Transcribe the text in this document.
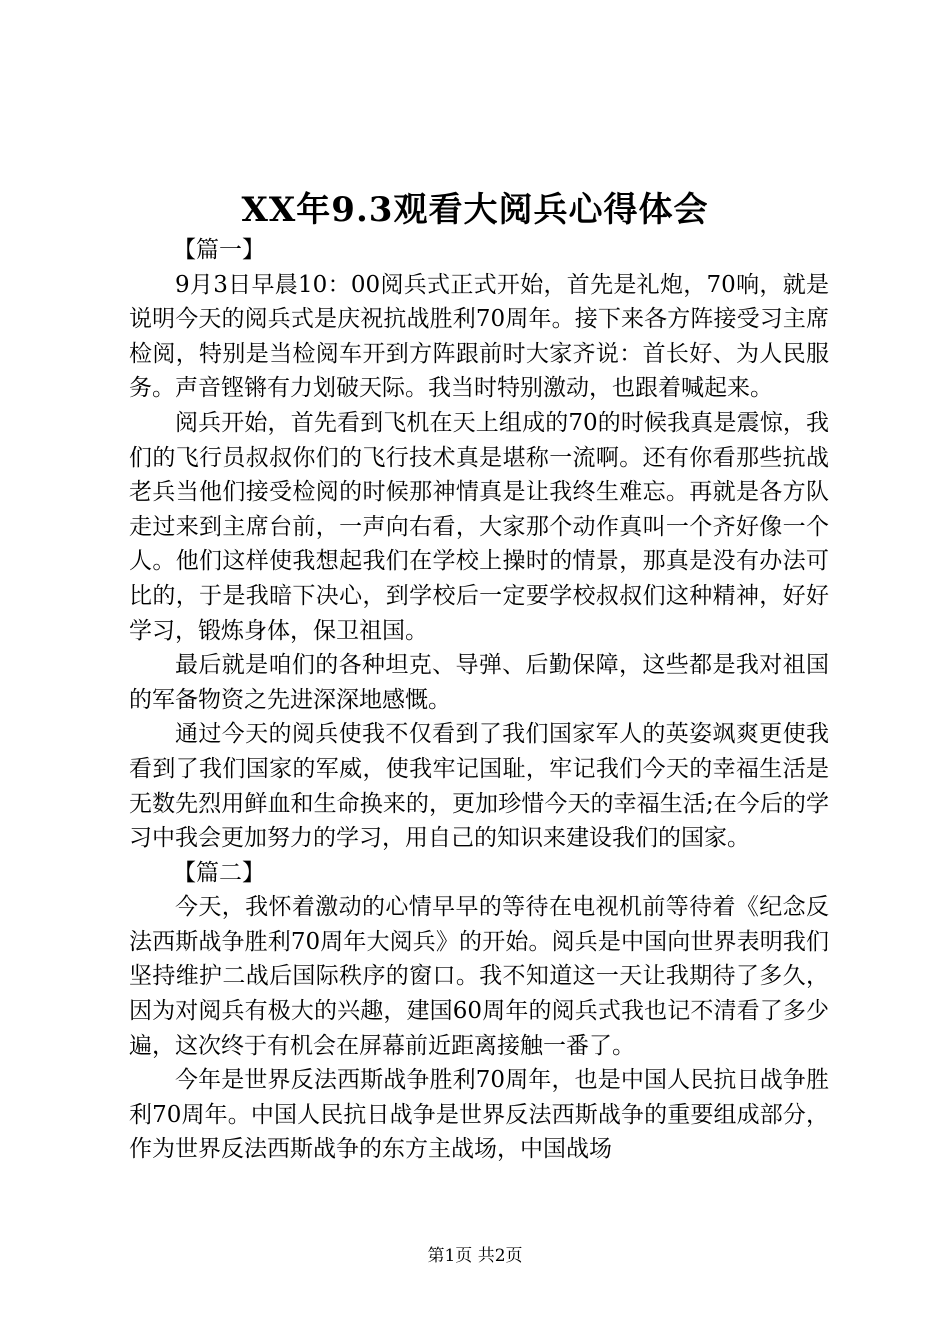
XX年9.3观看大阅兵心得体会

【篇一】

9月3日早晨10：00阅兵式正式开始，首先是礼炮，70响，就是说明今天的阅兵式是庆祝抗战胜利70周年。接下来各方阵接受习主席检阅，特别是当检阅车开到方阵跟前时大家齐说：首长好、为人民服务。声音铿锵有力划破天际。我当时特别激动，也跟着喊起来。

阅兵开始，首先看到飞机在天上组成的70的时候我真是震惊，我们的飞行员叔叔你们的飞行技术真是堪称一流啊。还有你看那些抗战老兵当他们接受检阅的时候那神情真是让我终生难忘。再就是各方队走过来到主席台前，一声向右看，大家那个动作真叫一个齐好像一个人。他们这样使我想起我们在学校上操时的情景，那真是没有办法可比的，于是我暗下决心，到学校后一定要学校叔叔们这种精神，好好学习，锻炼身体，保卫祖国。

最后就是咱们的各种坦克、导弹、后勤保障，这些都是我对祖国的军备物资之先进深深地感慨。

通过今天的阅兵使我不仅看到了我们国家军人的英姿飒爽更使我看到了我们国家的军威，使我牢记国耻，牢记我们今天的幸福生活是无数先烈用鲜血和生命换来的，更加珍惜今天的幸福生活;在今后的学习中我会更加努力的学习，用自己的知识来建设我们的国家。

【篇二】

今天，我怀着激动的心情早早的等待在电视机前等待着《纪念反法西斯战争胜利70周年大阅兵》的开始。阅兵是中国向世界表明我们坚持维护二战后国际秩序的窗口。我不知道这一天让我期待了多久，因为对阅兵有极大的兴趣，建国60周年的阅兵式我也记不清看了多少遍，这次终于有机会在屏幕前近距离接触一番了。

今年是世界反法西斯战争胜利70周年，也是中国人民抗日战争胜利70周年。中国人民抗日战争是世界反法西斯战争的重要组成部分，作为世界反法西斯战争的东方主战场，中国战场

第1页 共2页
